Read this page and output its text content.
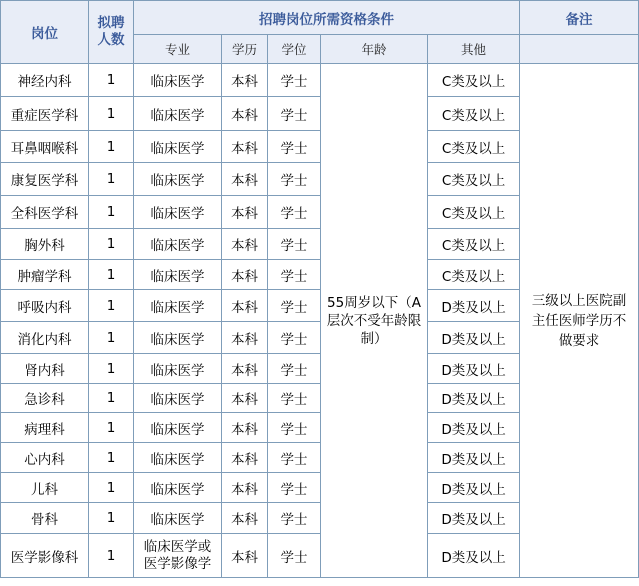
岗位	拟聘 人数	招聘岗位所需资格条件					备注
		专业	学历	学位	年龄	其他	
神经内科	1	临床医学	本科	学士	55周岁以下（A层次不受年龄限制）	C类及以上	三级以上医院副主任医师学历不做要求
重症医学科	1	临床医学	本科	学士		C类及以上	
耳鼻咽喉科	1	临床医学	本科	学士		C类及以上	
康复医学科	1	临床医学	本科	学士		C类及以上	
全科医学科	1	临床医学	本科	学士		C类及以上	
胸外科	1	临床医学	本科	学士		C类及以上	
肿瘤学科	1	临床医学	本科	学士		C类及以上	
呼吸内科	1	临床医学	本科	学士		D类及以上	
消化内科	1	临床医学	本科	学士		D类及以上	
肾内科	1	临床医学	本科	学士		D类及以上	
急诊科	1	临床医学	本科	学士		D类及以上	
病理科	1	临床医学	本科	学士		D类及以上	
心内科	1	临床医学	本科	学士		D类及以上	
儿科	1	临床医学	本科	学士		D类及以上	
骨科	1	临床医学	本科	学士		D类及以上	
医学影像科	1	临床医学或医学影像学	本科	学士		D类及以上	
